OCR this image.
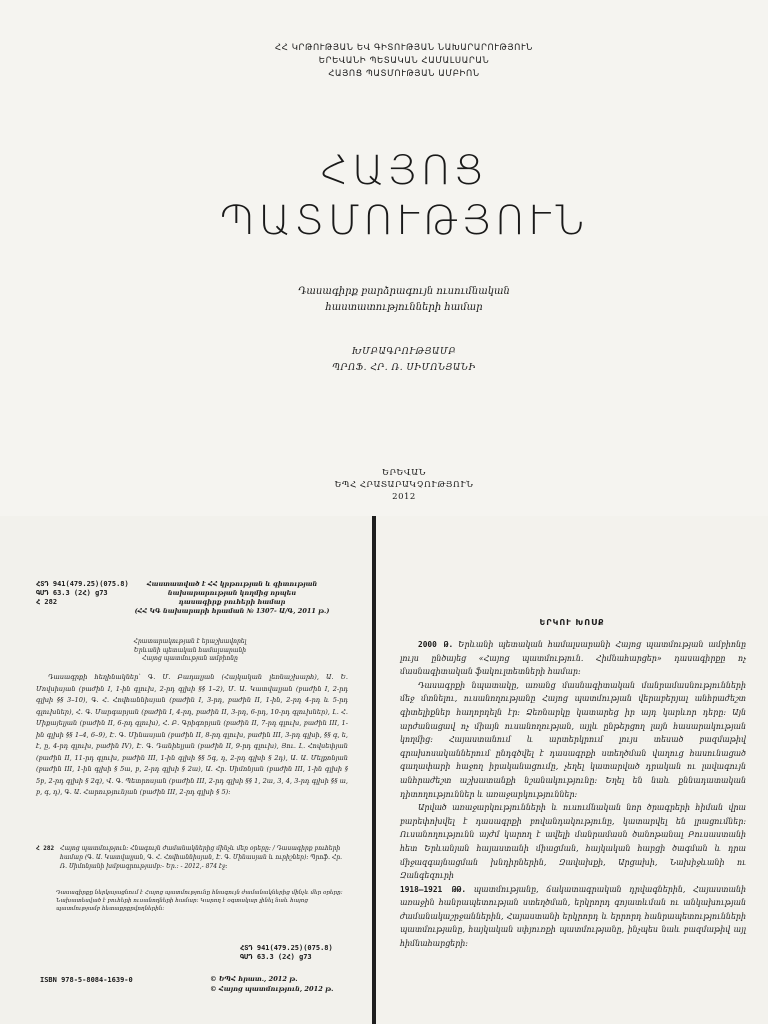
ՀՀ ԿՐԹՈՒԹՅԱՆ ԵՎ ԳԻՏՈՒԹՅԱՆ ՆԱԽԱՐԱՐՈՒԹՅՈՒՆ
ԵՐԵՎԱՆԻ ՊԵՏԱԿԱՆ ՀԱՄԱԼՍԱՐԱՆ
ՀԱՅՈՑ ՊԱՏՄՈՒԹՅԱՆ ԱՄԲԻՈՆ
ՀԱՅՈՑ
ՊԱՏՄՈՒԹՅՈՒՆ
Դասագիրք բարձրագույն ուսումնական
հաստատությունների համար
ԽՄԲԱԳՐՈՒԹՅԱՄԲ
ՊՐՈՖ. ՀՐ. Ռ. ՍԻՄՈՆՅԱՆԻ
ԵՐԵՎԱՆ
ԵՊՀ ՀՐԱՏԱՐԱԿՉՈՒԹՅՈՒՆ
2012
ՀՏԴ 941(479.25)(075.8)
ԳՄԴ 63.3 (2Հ) ց73
Հ 282
Հաստատված է ՀՀ կրթության և գիտության
նախարարության կողմից որպես
դասագիրք բուհերի համար
(ՀՀ ԿԳ նախարարի հրաման № 1307- Ա/Գ, 2011 թ.)
Հրատարակության է երաշխավորել
Երևանի պետական համալսարանի
Հայոց պատմության ամբիոնը

Դասագրքի հեղինակներ՝ Գ. Մ. Բադալյան (Հայկական լեռնաշխարհ), Ա. Ե. Մովսիսյան (բաժին I, 1-ին գլուխ, 2-րդ գլխի §§ 1–2), Մ. Ա. Կատվալյան (բաժին I, 2-րդ գլխի §§ 3–10), Գ. Հ. Հովհաննիսյան (բաժին I, 3-րդ, բաժին II, 1-ին, 2-րդ 4-րդ և 5-րդ գլուխներ), Հ. Գ. Մարգարյան (բաժին I, 4-րդ, բաժին II, 3-րդ, 6-րդ, 10-րդ գլուխներ), Լ. Հ. Միքայելյան (բաժին II, 6-րդ գլուխ), Հ. Բ. Գրիգորյան (բաժին II, 7-րդ գլուխ, բաժին III, 1-ին գլխի §§ 1–4, 6–9), Է. Գ. Մինասյան (բաժին II, 8-րդ գլուխ, բաժին III, 3-րդ գլխի, §§ գ, ե, է, ը, 4-րդ գլուխ, բաժին IV), Է. Գ. Դանիելյան (բաժին II, 9-րդ գլուխ), Յու. Լ. Հովսեփյան (բաժին II, 11-րդ գլուխ, բաժին III, 1-ին գլխի §§ 5գ, դ, 2-րդ գլխի § 2դ), Ա. Ա. Մելքոնյան (բաժին III, 1-ին գլխի § 5ա, բ, 2-րդ գլխի § 2ա), Ա. Հր. Սիմոնյան (բաժին III, 1-ին գլխի § 5բ, 2-րդ գլխի § 2գ), Վ. Գ. Պետրոսյան (բաժին III, 2-րդ գլխի §§ 1, 2ա, 3, 4, 3-րդ գլխի §§ ա, բ, գ, դ), Գ. Ա. Հարությունյան (բաժին III, 2-րդ գլխի § 5):

Հ 282 Հայոց պատմություն: Հնագույն ժամանակներից մինչև մեր օրերը: / Դասագիրք բուհերի համար (Գ. Ա. Կատվալյան, Գ. Հ. Հովհաննիսյան, Է. Գ. Մինասյան և ուրիշներ): Պրոֆ. Հր. Ռ. Սիմոնյանի խմբագրությամբ:- Եր.: - 2012,- 874 էջ:
Դասագիրքը ներկայացնում է Հայոց պատմությունը հնագույն ժամանակներից մինչև մեր օրերը: Նախատեսված է բուհերի ուսանողների համար: Կարող է օգտակար լինել նաև հայոց պատմությամբ հետաքրքրվողներին:
ՀՏԴ 941(479.25)(075.8)
ԳՄԴ 63.3 (2Հ) ց73
ISBN 978-5-8084-1639-0	© ԵՊՀ հրատ., 2012 թ.
© Հայոց պատմություն, 2012 թ.
ԵՐԿՈՒ ԽՈՍՔ

2000 Թ. Երևանի պետական համալսարանի Հայոց պատմության ամբիոնը լույս ընծայեց «Հայոց պատմություն. Հիմնահարցեր» դասագիրքը ոչ մասնագիտական ֆակուլտետների համար:

Դասագրքի նպատակը, առանց մասնագիտական մանրամասնությունների մեջ մտնելու, ուսանողությանը Հայոց պատմության վերաբերյալ անհրաժեշտ գիտելիքներ հաղորդելն էր: Ձեռնարկը կատարեց իր այդ կարևոր դերը: Այն արժանացավ ոչ միայն ուսանողության, այլև ընթերցող լայն հասարակության կողմից: Հայաստանում և արտերկրում լույս տեսած բազմաթիվ գրախոսականներում ընդգծվել է դասագրքի ստեղծման վաղուց հասունացած գաղափարի հաջող իրականացումը, չեղել կատարված դրական ու լավագույն անհրաժեշտ աշխատանքի նշանակությունը: Եղել են նաև քննադատական դիտողություններ և առաջարկություններ:

Արված առաջարկությունների և ուսումնական նոր ծրագրերի հիման վրա բարեփոխվել է դասագրքի բովանդակությունը, կատարվել են լրացումներ: Ուսանողությունն այժմ կարող է ավելի մանրամասն ծանոթանալ Բուսաստանի հետ Երևանյան հայաստանի միացման, հայկական հարցի ծագման և դրա միջազգայնացման խնդիրներին, Զավախքի, Արցախի, Նախիջևանի ու Զանգեզուրի

1918–1921 ԹԹ. պատմությանը, ճակատագրական դրվագներին, Հայաստանի առաջին հանրապետության ստեղծման, երկրորդ գոյատևման ու անկախության ժամանակաշրջաններին, Հայաստանի երկրորդ և երրորդ հանրապետությունների պատմությանը, հայկական սփյուռքի պատմությանը, ինչպես նաև բազմաթիվ այլ հիմնահարցերի:
